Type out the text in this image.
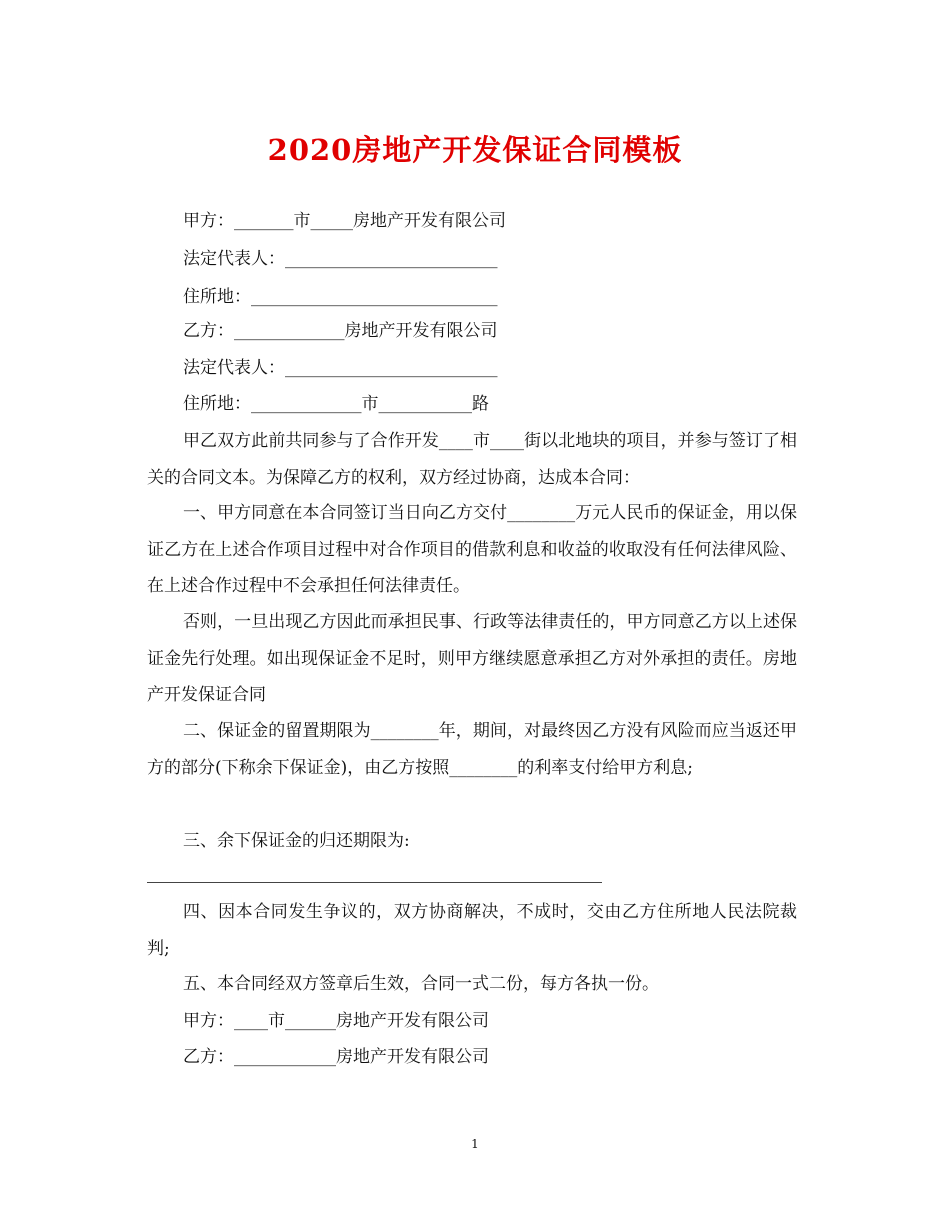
2020房地产开发保证合同模板
甲方：_______市_____房地产开发有限公司
法定代表人：_________________________
住所地：_____________________________
乙方：_____________房地产开发有限公司
法定代表人：_________________________
住所地：_____________市___________路
甲乙双方此前共同参与了合作开发____市____街以北地块的项目，并参与签订了相关的合同文本。为保障乙方的权利，双方经过协商，达成本合同：
一、甲方同意在本合同签订当日向乙方交付________万元人民币的保证金，用以保证乙方在上述合作项目过程中对合作项目的借款利息和收益的收取没有任何法律风险、在上述合作过程中不会承担任何法律责任。
否则，一旦出现乙方因此而承担民事、行政等法律责任的，甲方同意乙方以上述保证金先行处理。如出现保证金不足时，则甲方继续愿意承担乙方对外承担的责任。房地产开发保证合同
二、保证金的留置期限为________年，期间，对最终因乙方没有风险而应当返还甲方的部分(下称余下保证金)，由乙方按照________的利率支付给甲方利息;
三、余下保证金的归还期限为:
四、因本合同发生争议的，双方协商解决，不成时，交由乙方住所地人民法院裁判;
五、本合同经双方签章后生效，合同一式二份，每方各执一份。
甲方：____市______房地产开发有限公司
乙方：____________房地产开发有限公司
1
